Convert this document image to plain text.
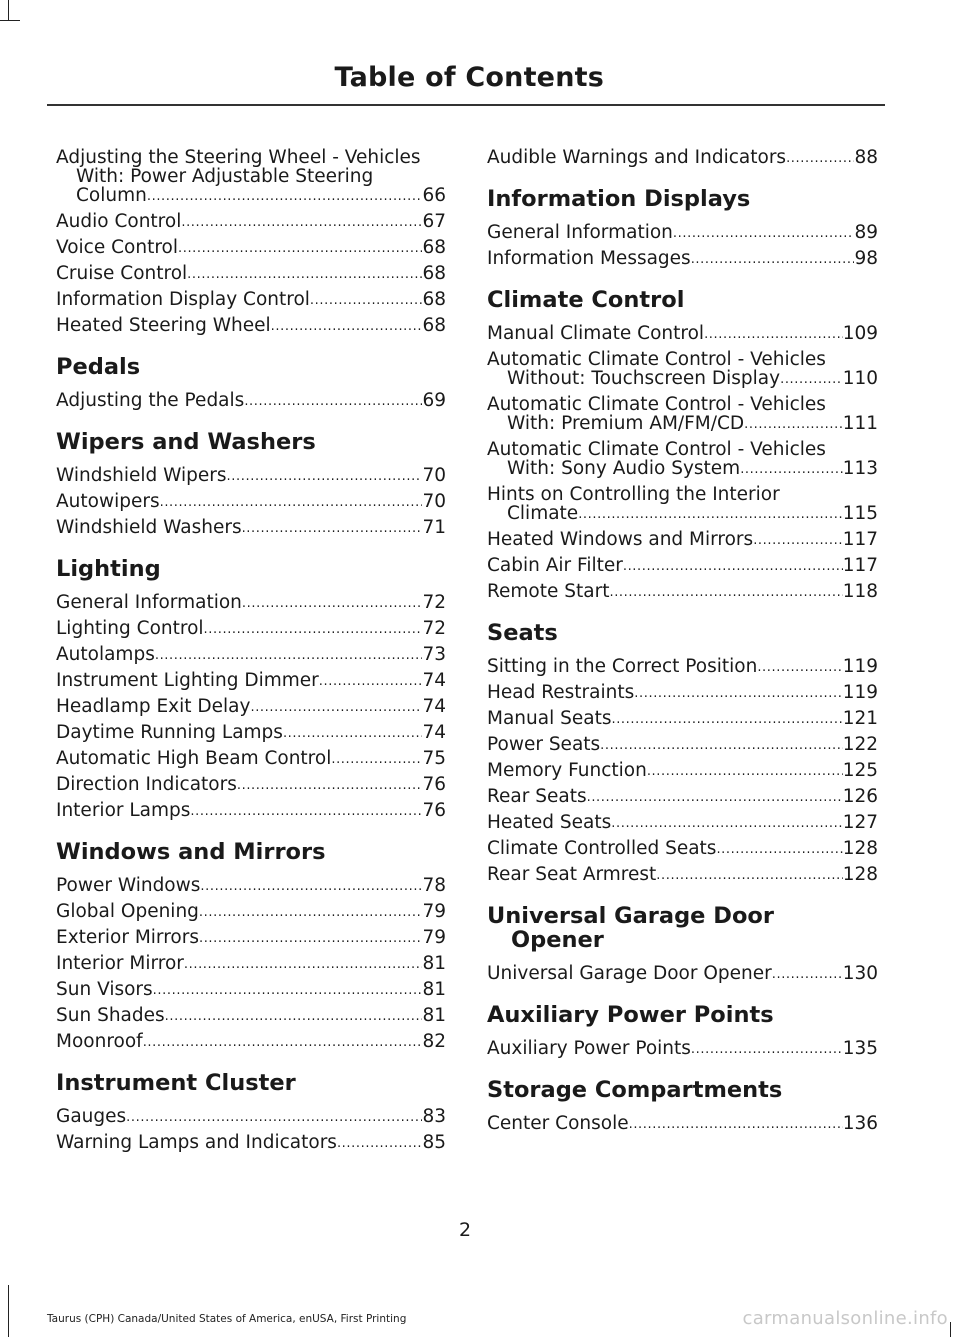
Table of Contents
Adjusting the Steering Wheel - Vehicles
With: Power Adjustable Steering
Column .....	66
Audio Control .....	67
Voice Control .....	68
Cruise Control .....	68
Information Display Control .....	68
Heated Steering Wheel .....	68
Pedals
Adjusting the Pedals .....	69
Wipers and Washers
Windshield Wipers .....	70
Autowipers .....	70
Windshield Washers .....	71
Lighting
General Information .....	72
Lighting Control .....	72
Autolamps .....	73
Instrument Lighting Dimmer .....	74
Headlamp Exit Delay .....	74
Daytime Running Lamps .....	74
Automatic High Beam Control .....	75
Direction Indicators .....	76
Interior Lamps .....	76
Windows and Mirrors
Power Windows .....	78
Global Opening .....	79
Exterior Mirrors .....	79
Interior Mirror .....	81
Sun Visors .....	81
Sun Shades .....	81
Moonroof .....	82
Instrument Cluster
Gauges .....	83
Warning Lamps and Indicators .....	85
Audible Warnings and Indicators .....	88
Information Displays
General Information .....	89
Information Messages .....	98
Climate Control
Manual Climate Control .....	109
Automatic Climate Control - Vehicles
Without: Touchscreen Display .....	110
Automatic Climate Control - Vehicles
With: Premium AM/FM/CD .....	111
Automatic Climate Control - Vehicles
With: Sony Audio System .....	113
Hints on Controlling the Interior
Climate .....	115
Heated Windows and Mirrors .....	117
Cabin Air Filter .....	117
Remote Start .....	118
Seats
Sitting in the Correct Position .....	119
Head Restraints .....	119
Manual Seats .....	121
Power Seats .....	122
Memory Function .....	125
Rear Seats .....	126
Heated Seats .....	127
Climate Controlled Seats .....	128
Rear Seat Armrest .....	128
Universal Garage Door
Opener
Universal Garage Door Opener .....	130
Auxiliary Power Points
Auxiliary Power Points .....	135
Storage Compartments
Center Console .....	136
2
Taurus (CPH) Canada/United States of America, enUSA, First Printing	carmanualsonline.info
